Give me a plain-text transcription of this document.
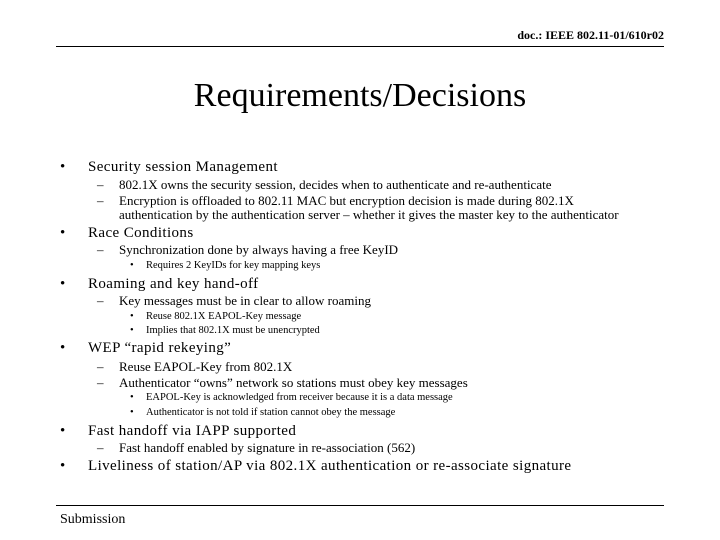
doc.: IEEE 802.11-01/610r02
Requirements/Decisions
• Security session Management
– 802.1X owns the security session, decides when to authenticate and re-authenticate
– Encryption is offloaded to 802.11 MAC but encryption decision is made during 802.1X
authentication by the authentication server – whether it gives the master key to the authenticator
• Race Conditions
– Synchronization done by always having a free KeyID
• Requires 2 KeyIDs for key mapping keys
• Roaming and key hand-off
– Key messages must be in clear to allow roaming
• Reuse 802.1X EAPOL-Key message
• Implies that 802.1X must be unencrypted
• WEP “rapid rekeying”
– Reuse EAPOL-Key from 802.1X
– Authenticator “owns” network so stations must obey key messages
• EAPOL-Key is acknowledged from receiver because it is a data message
• Authenticator is not told if station cannot obey the message
• Fast handoff via IAPP supported
– Fast handoff enabled by signature in re-association (562)
• Liveliness of station/AP via 802.1X authentication or re-associate signature
Submission
